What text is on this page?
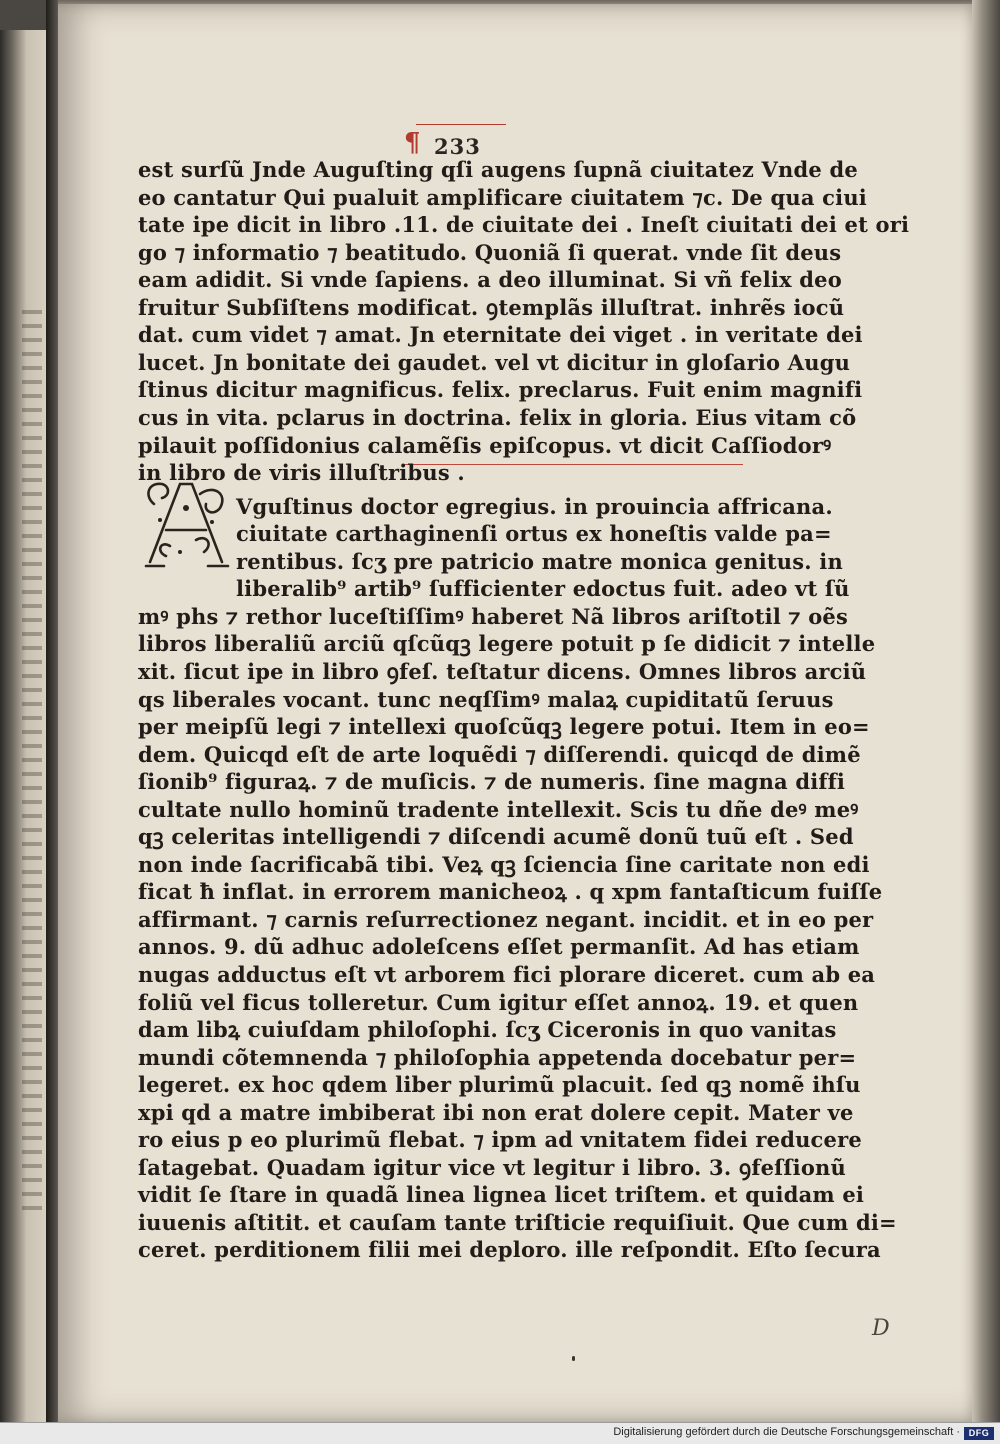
¶ 233
est surſũ Jnde Auguſting qſi augens ſupnã ciuitatez Vnde de
eo cantatur Qui pualuit amplificare ciuitatem ⁊c. De qua ciui
tate ipe dicit in libro .11. de ciuitate dei . Ineſt ciuitati dei et ori
go ⁊ informatio ⁊ beatitudo. Quoniã ſi querat. vnde ſit deus
eam adidit. Si vnde ſapiens. a deo illuminat. Si vñ felix deo
fruitur Subſiſtens modificat. ꝯtemplãs illuſtrat. inhrẽs iocũ
dat. cum videt ⁊ amat. Jn eternitate dei viget . in veritate dei
lucet. Jn bonitate dei gaudet. vel vt dicitur in gloſario Augu
ſtinus dicitur magnificus. felix. preclarus. Fuit enim magnifi
cus in vita. pclarus in doctrina. felix in gloria. Eius vitam cõ
pilauit poſſidonius calamẽſis epiſcopus. vt dicit Caſſiodorꝰ
in libro de viris illuſtribus .
Vguſtinus doctor egregius. in prouincia affricana.
ciuitate carthaginenſi ortus ex honeſtis valde pa=
rentibus. ſcʒ pre patricio matre monica genitus. in
liberalib⁹ artib⁹ ſufficienter edoctus fuit. adeo vt ſũ
mꝰ phs ⁊ rethor luceſtiſſimꝰ haberet Nã libros ariſtotil ⁊ oẽs
libros liberaliũ arciũ qſcũqꝫ legere potuit p ſe didicit ⁊ intelle
xit. ſicut ipe in libro ꝯfeſ. teſtatur dicens. Omnes libros arciũ
qs liberales vocant. tunc neqſſimꝰ malaꝝ cupiditatũ ſeruus
per meipſũ legi ⁊ intellexi quoſcũqꝫ legere potui. Item in eo=
dem. Quicqd eſt de arte loquẽdi ⁊ diſſerendi. quicqd de dimẽ
ſionib⁹ figuraꝝ. ⁊ de muſicis. ⁊ de numeris. ſine magna diffi
cultate nullo hominũ tradente intellexit. Scis tu dñe deꝰ meꝰ
qꝫ celeritas intelligendi ⁊ diſcendi acumẽ donũ tuũ eſt . Sed
non inde ſacrificabã tibi. Veꝝ qꝫ ſciencia ſine caritate non edi
ficat ħ inflat. in errorem manicheoꝝ . q xpm fantaſticum fuiſſe
affirmant. ⁊ carnis reſurrectionez negant. incidit. et in eo per
annos. 9. dũ adhuc adoleſcens eſſet permanſit. Ad has etiam
nugas adductus eſt vt arborem fici plorare diceret. cum ab ea
foliũ vel ficus tolleretur. Cum igitur eſſet annoꝝ. 19. et quen
dam libꝝ cuiuſdam philoſophi. ſcʒ Ciceronis in quo vanitas
mundi cõtemnenda ⁊ philoſophia appetenda docebatur per=
legeret. ex hoc qdem liber plurimũ placuit. ſed qꝫ nomẽ ihſu
xpi qd a matre imbiberat ibi non erat dolere cepit. Mater ve
ro eius p eo plurimũ flebat. ⁊ ipm ad vnitatem fidei reducere
ſatagebat. Quadam igitur vice vt legitur i libro. 3. ꝯfeſſionũ
vidit ſe ſtare in quadã linea lignea licet triſtem. et quidam ei
iuuenis aſtitit. et cauſam tante triſticie requiſiuit. Que cum di=
ceret. perditionem filii mei deploro. ille reſpondit. Eſto ſecura
D
Digitalisierung gefördert durch die Deutsche Forschungsgemeinschaft · DFG
